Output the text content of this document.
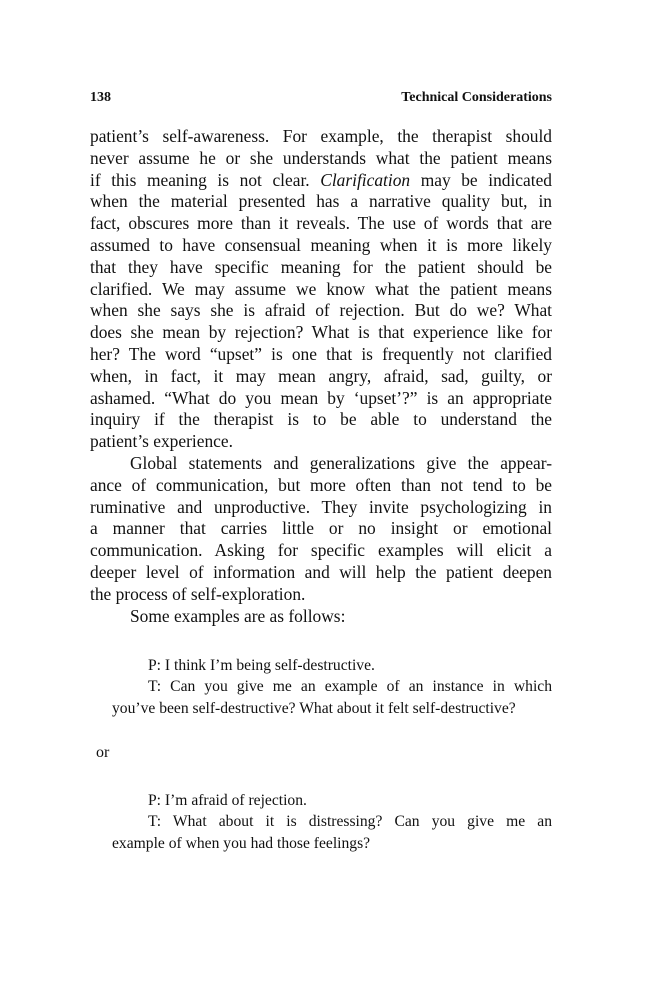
138	Technical Considerations
patient’s self-awareness. For example, the therapist should
never assume he or she understands what the patient means
if this meaning is not clear. Clarification may be indicated
when the material presented has a narrative quality but, in
fact, obscures more than it reveals. The use of words that are
assumed to have consensual meaning when it is more likely
that they have specific meaning for the patient should be
clarified. We may assume we know what the patient means
when she says she is afraid of rejection. But do we? What
does she mean by rejection? What is that experience like for
her? The word “upset” is one that is frequently not clarified
when, in fact, it may mean angry, afraid, sad, guilty, or
ashamed. “What do you mean by ‘upset’?” is an appropriate
inquiry if the therapist is to be able to understand the
patient’s experience.
Global statements and generalizations give the appear-
ance of communication, but more often than not tend to be
ruminative and unproductive. They invite psychologizing in
a manner that carries little or no insight or emotional
communication. Asking for specific examples will elicit a
deeper level of information and will help the patient deepen
the process of self-exploration.
Some examples are as follows:
P: I think I’m being self-destructive.
T: Can you give me an example of an instance in which
you’ve been self-destructive? What about it felt self-destructive?
or
P: I’m afraid of rejection.
T: What about it is distressing? Can you give me an
example of when you had those feelings?
